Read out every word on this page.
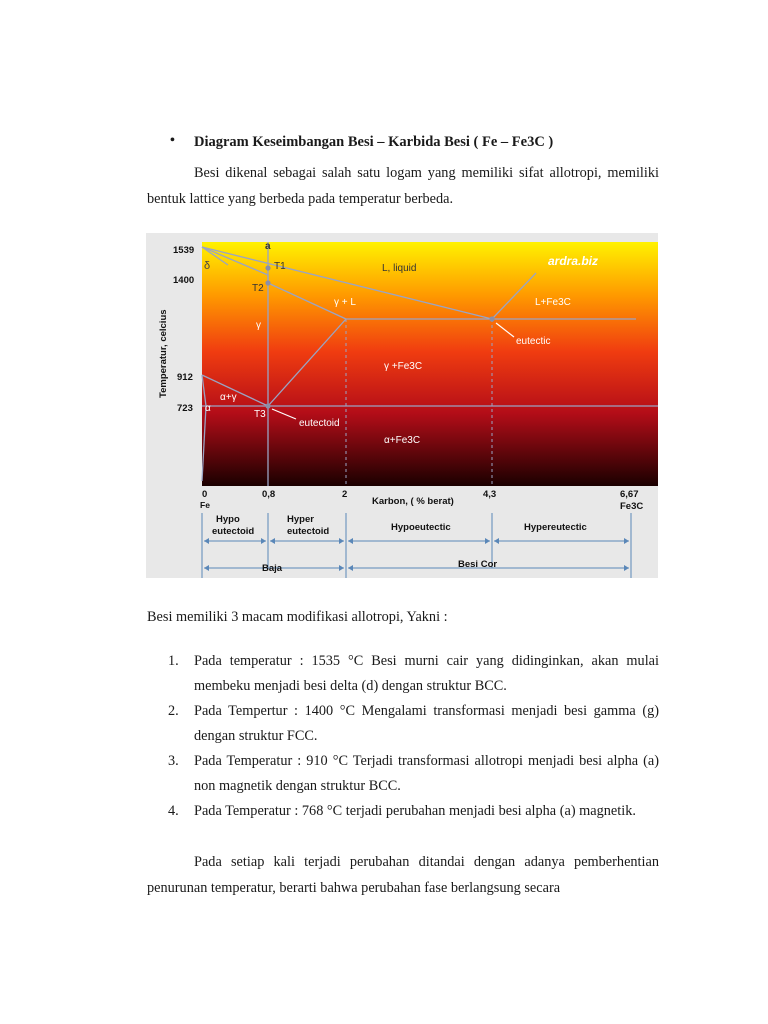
• Diagram Keseimbangan Besi – Karbida Besi ( Fe – Fe3C )
Besi dikenal sebagai salah satu logam yang memiliki sifat allotropi, memiliki bentuk lattice yang berbeda pada temperatur berbeda.
1539
1400
912
723
Temperatur, celcius
δ
a
T1
T2
L, liquid
γ + L	L+Fe3C
γ
eutectic
γ +Fe3C
α+γ
α
T3
eutectoid
α+Fe3C
ardra.biz
0	0,8	2	4,3	6,67
Fe	Fe3C
Karbon, ( % berat)
Hypo
eutectoid
Hyper
eutectoid	Hypoeutectic	Hypereutectic
Baja	Besi Cor
Besi memiliki 3 macam modifikasi allotropi, Yakni :
1. Pada temperatur : 1535 °C Besi murni cair yang didinginkan, akan mulai membeku menjadi besi delta (d) dengan struktur BCC.
2. Pada Tempertur : 1400 °C Mengalami transformasi menjadi besi gamma (g) dengan struktur FCC.
3. Pada Temperatur : 910 °C Terjadi transformasi allotropi menjadi besi alpha (a) non magnetik dengan struktur BCC.
4. Pada Temperatur : 768 °C terjadi perubahan menjadi besi alpha (a) magnetik.
Pada setiap kali terjadi perubahan ditandai dengan adanya pemberhentian penurunan temperatur, berarti bahwa perubahan fase berlangsung secara
